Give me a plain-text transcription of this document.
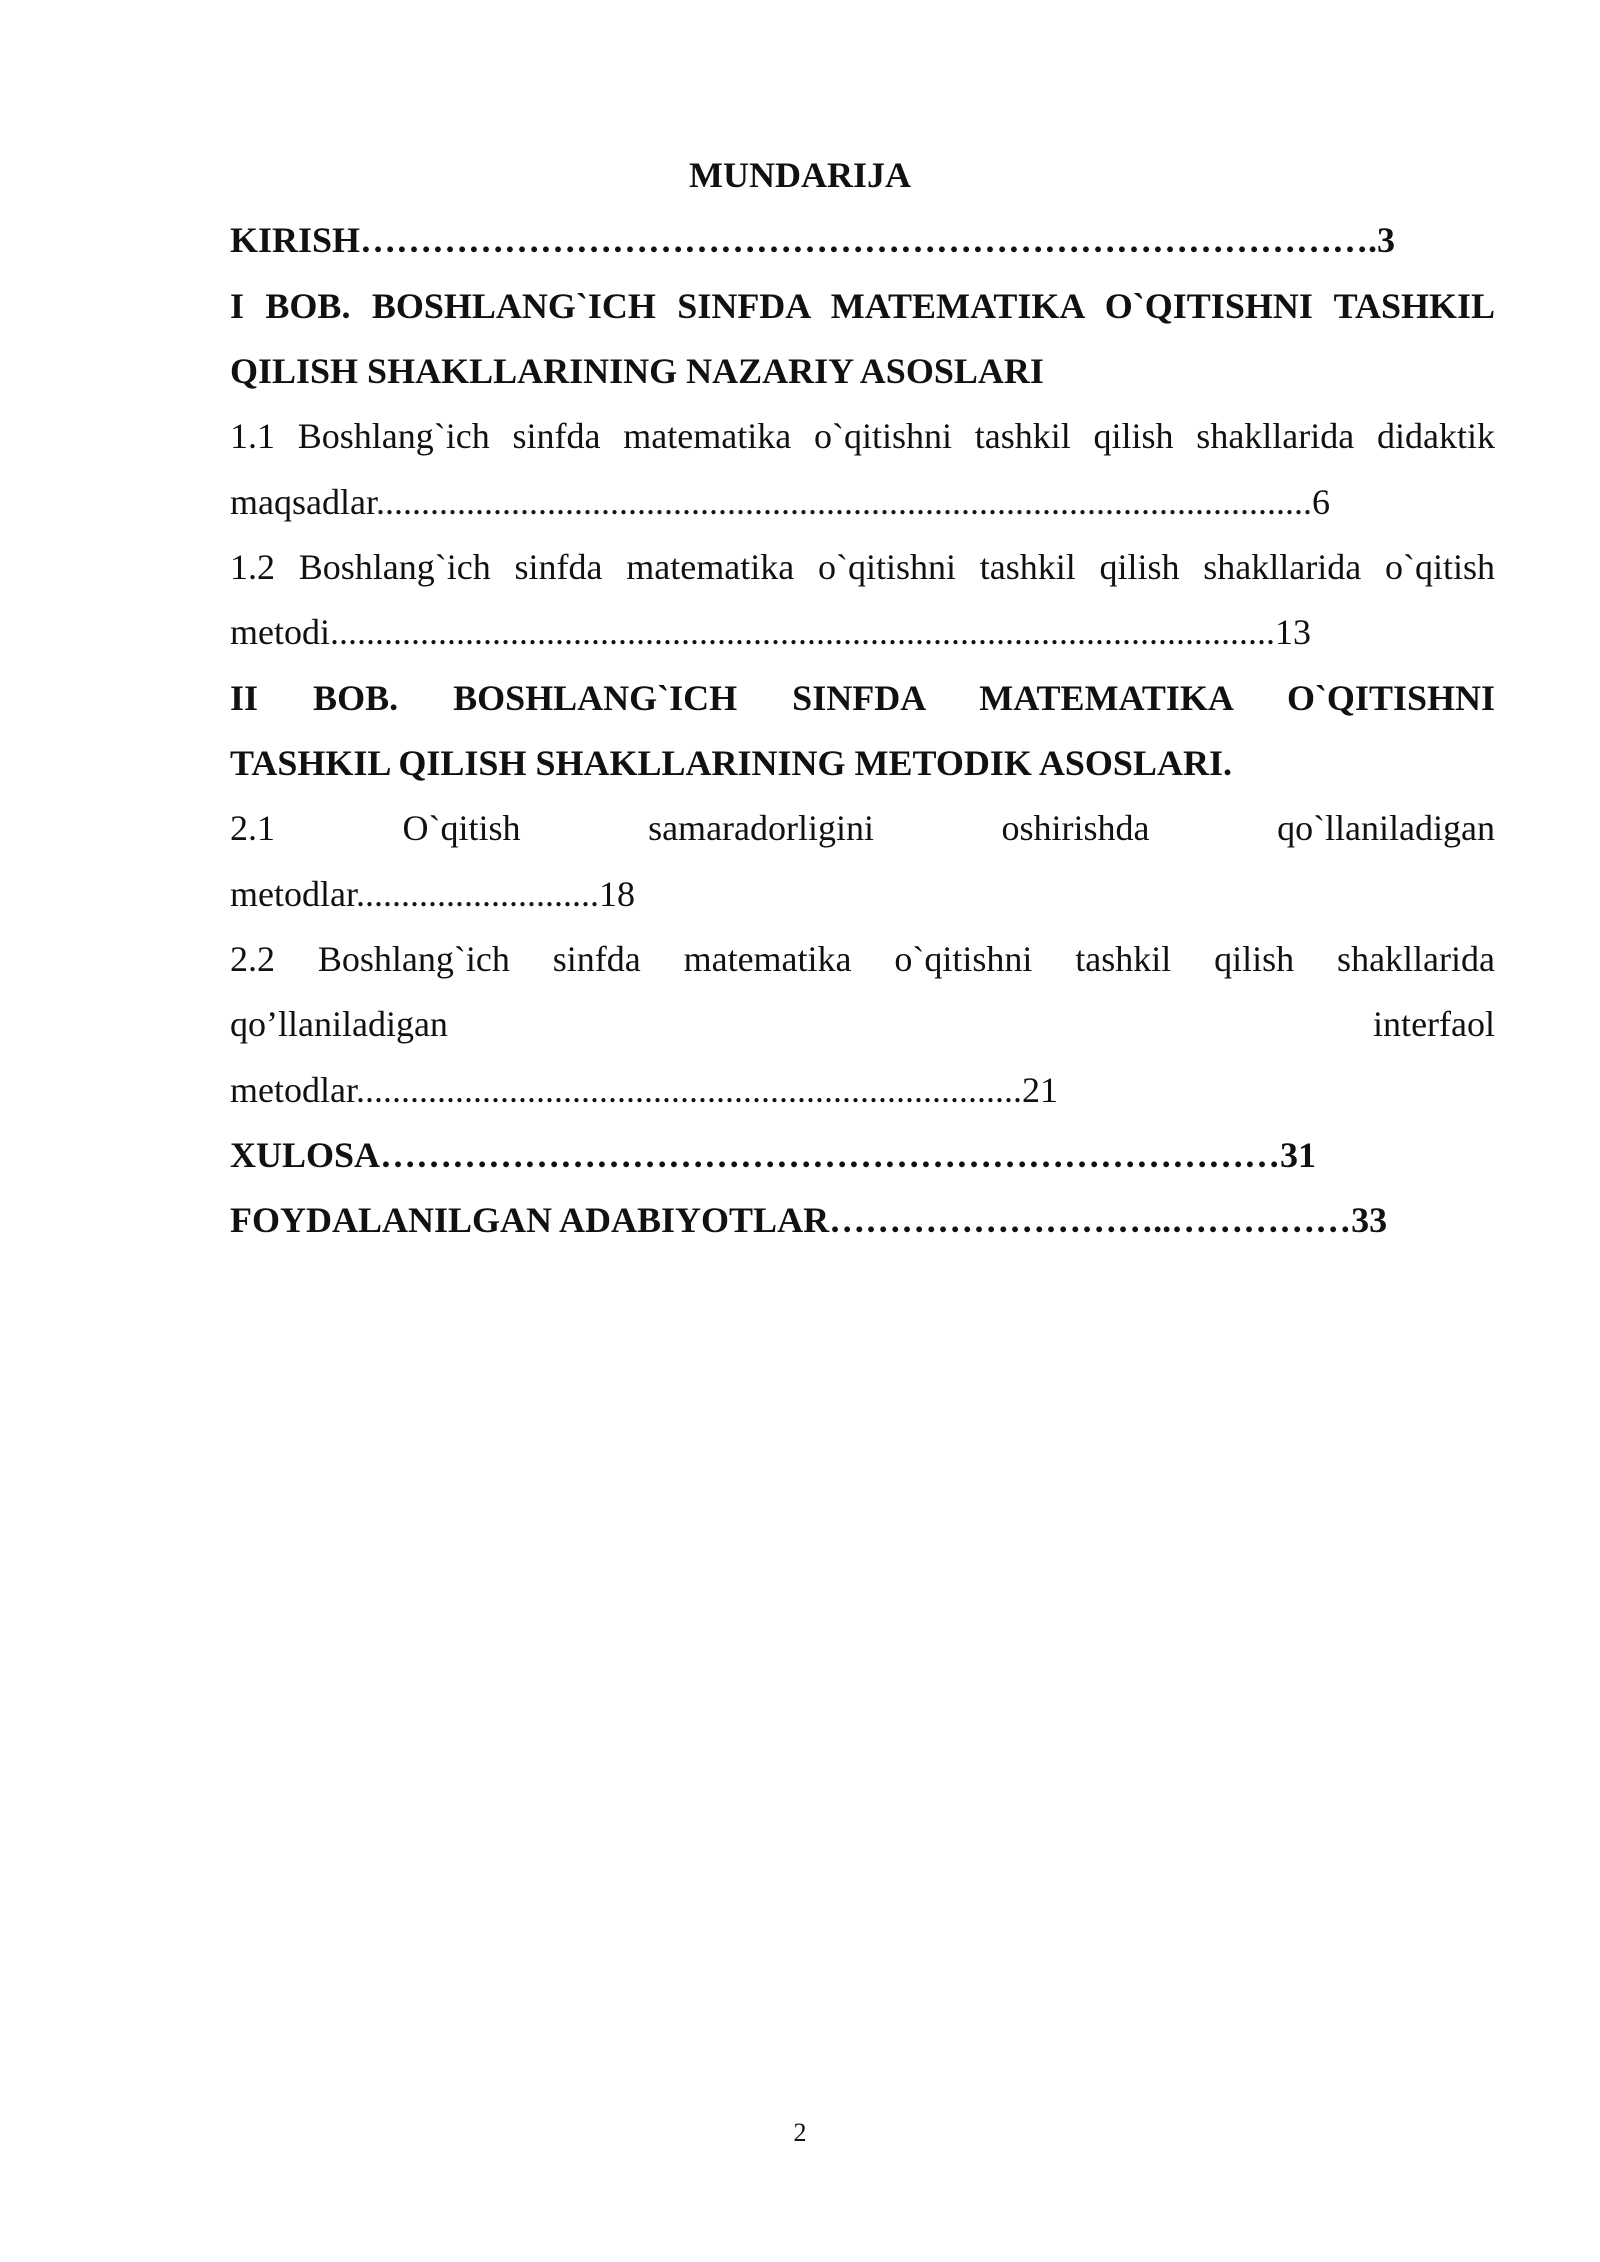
MUNDARIJA
KIRISH………………………………………………………………………….3
I BOB. BOSHLANG`ICH SINFDA MATEMATIKA O`QITISHNI TASHKIL
QILISH SHAKLLARINING NAZARIY ASOSLARI
1.1 Boshlang`ich sinfda matematika o`qitishni tashkil qilish shakllarida didaktik
maqsadlar........................................................................................................6
1.2 Boshlang`ich sinfda matematika o`qitishni tashkil qilish shakllarida o`qitish
metodi.........................................................................................................13
II BOB. BOSHLANG`ICH SINFDA MATEMATIKA O`QITISHNI
TASHKIL QILISH SHAKLLARINING METODIK ASOSLARI.
2.1 O`qitish samaradorligini oshirishda qo`llaniladigan
metodlar...........................18
2.2 Boshlang`ich sinfda matematika o`qitishni tashkil qilish shakllarida
qo’llaniladigan interfaol
metodlar..........................................................................21
XULOSA…………………………………………………………………31
FOYDALANILGAN ADABIYOTLAR………………………..……………33
2
